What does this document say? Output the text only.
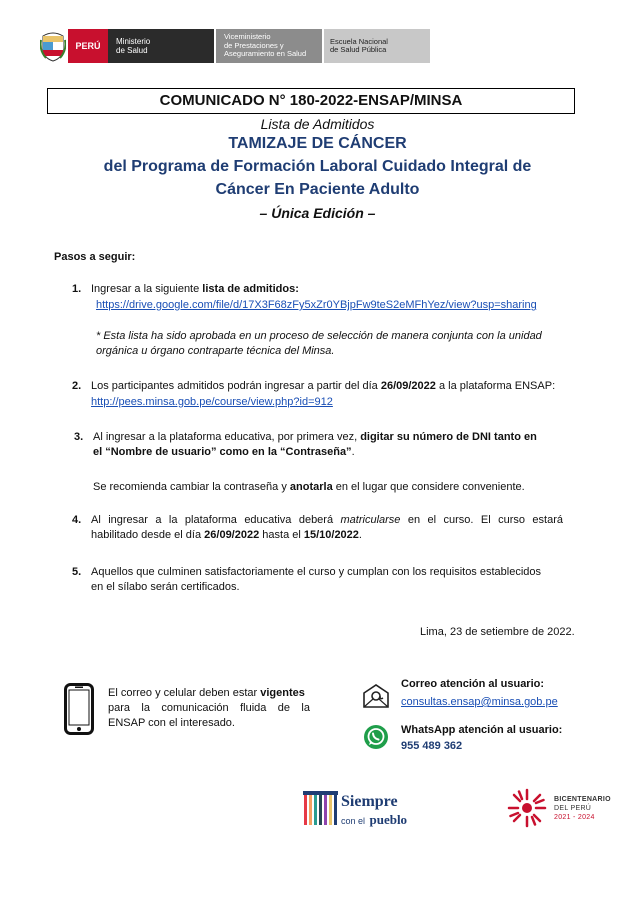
PERÚ Ministerio
de Salud
Viceministerio
de Prestaciones y
Aseguramiento en Salud
Escuela Nacional
de Salud Pública
COMUNICADO N° 180-2022-ENSAP/MINSA
Lista de Admitidos
TAMIZAJE DE CÁNCER
del Programa de Formación Laboral Cuidado Integral de
Cáncer En Paciente Adulto
– Única Edición –
Pasos a seguir:
1. Ingresar a la siguiente lista de admitidos:
https://drive.google.com/file/d/17X3F68zFy5xZr0YBjpFw9teS2eMFhYez/view?usp=sharing
* Esta lista ha sido aprobada en un proceso de selección de manera conjunta con la unidad
orgánica u órgano contraparte técnica del Minsa.
2. Los participantes admitidos podrán ingresar a partir del día 26/09/2022 a la plataforma ENSAP:
http://pees.minsa.gob.pe/course/view.php?id=912
3. Al ingresar a la plataforma educativa, por primera vez, digitar su número de DNI tanto en
el “Nombre de usuario” como en la “Contraseña”.
Se recomienda cambiar la contraseña y anotarla en el lugar que considere conveniente.
4. Al ingresar a la plataforma educativa deberá matricularse en el curso. El curso estará
habilitado desde el día 26/09/2022 hasta el 15/10/2022.
5. Aquellos que culminen satisfactoriamente el curso y cumplan con los requisitos establecidos
en el sílabo serán certificados.
Lima, 23 de setiembre de 2022.
El correo y celular deben estar vigentes
para la comunicación fluida de la
ENSAP con el interesado.
Correo atención al usuario:
consultas.ensap@minsa.gob.pe
WhatsApp atención al usuario:
955 489 362
Siempre
con el pueblo
BICENTENARIO
DEL PERÚ
2021 - 2024
